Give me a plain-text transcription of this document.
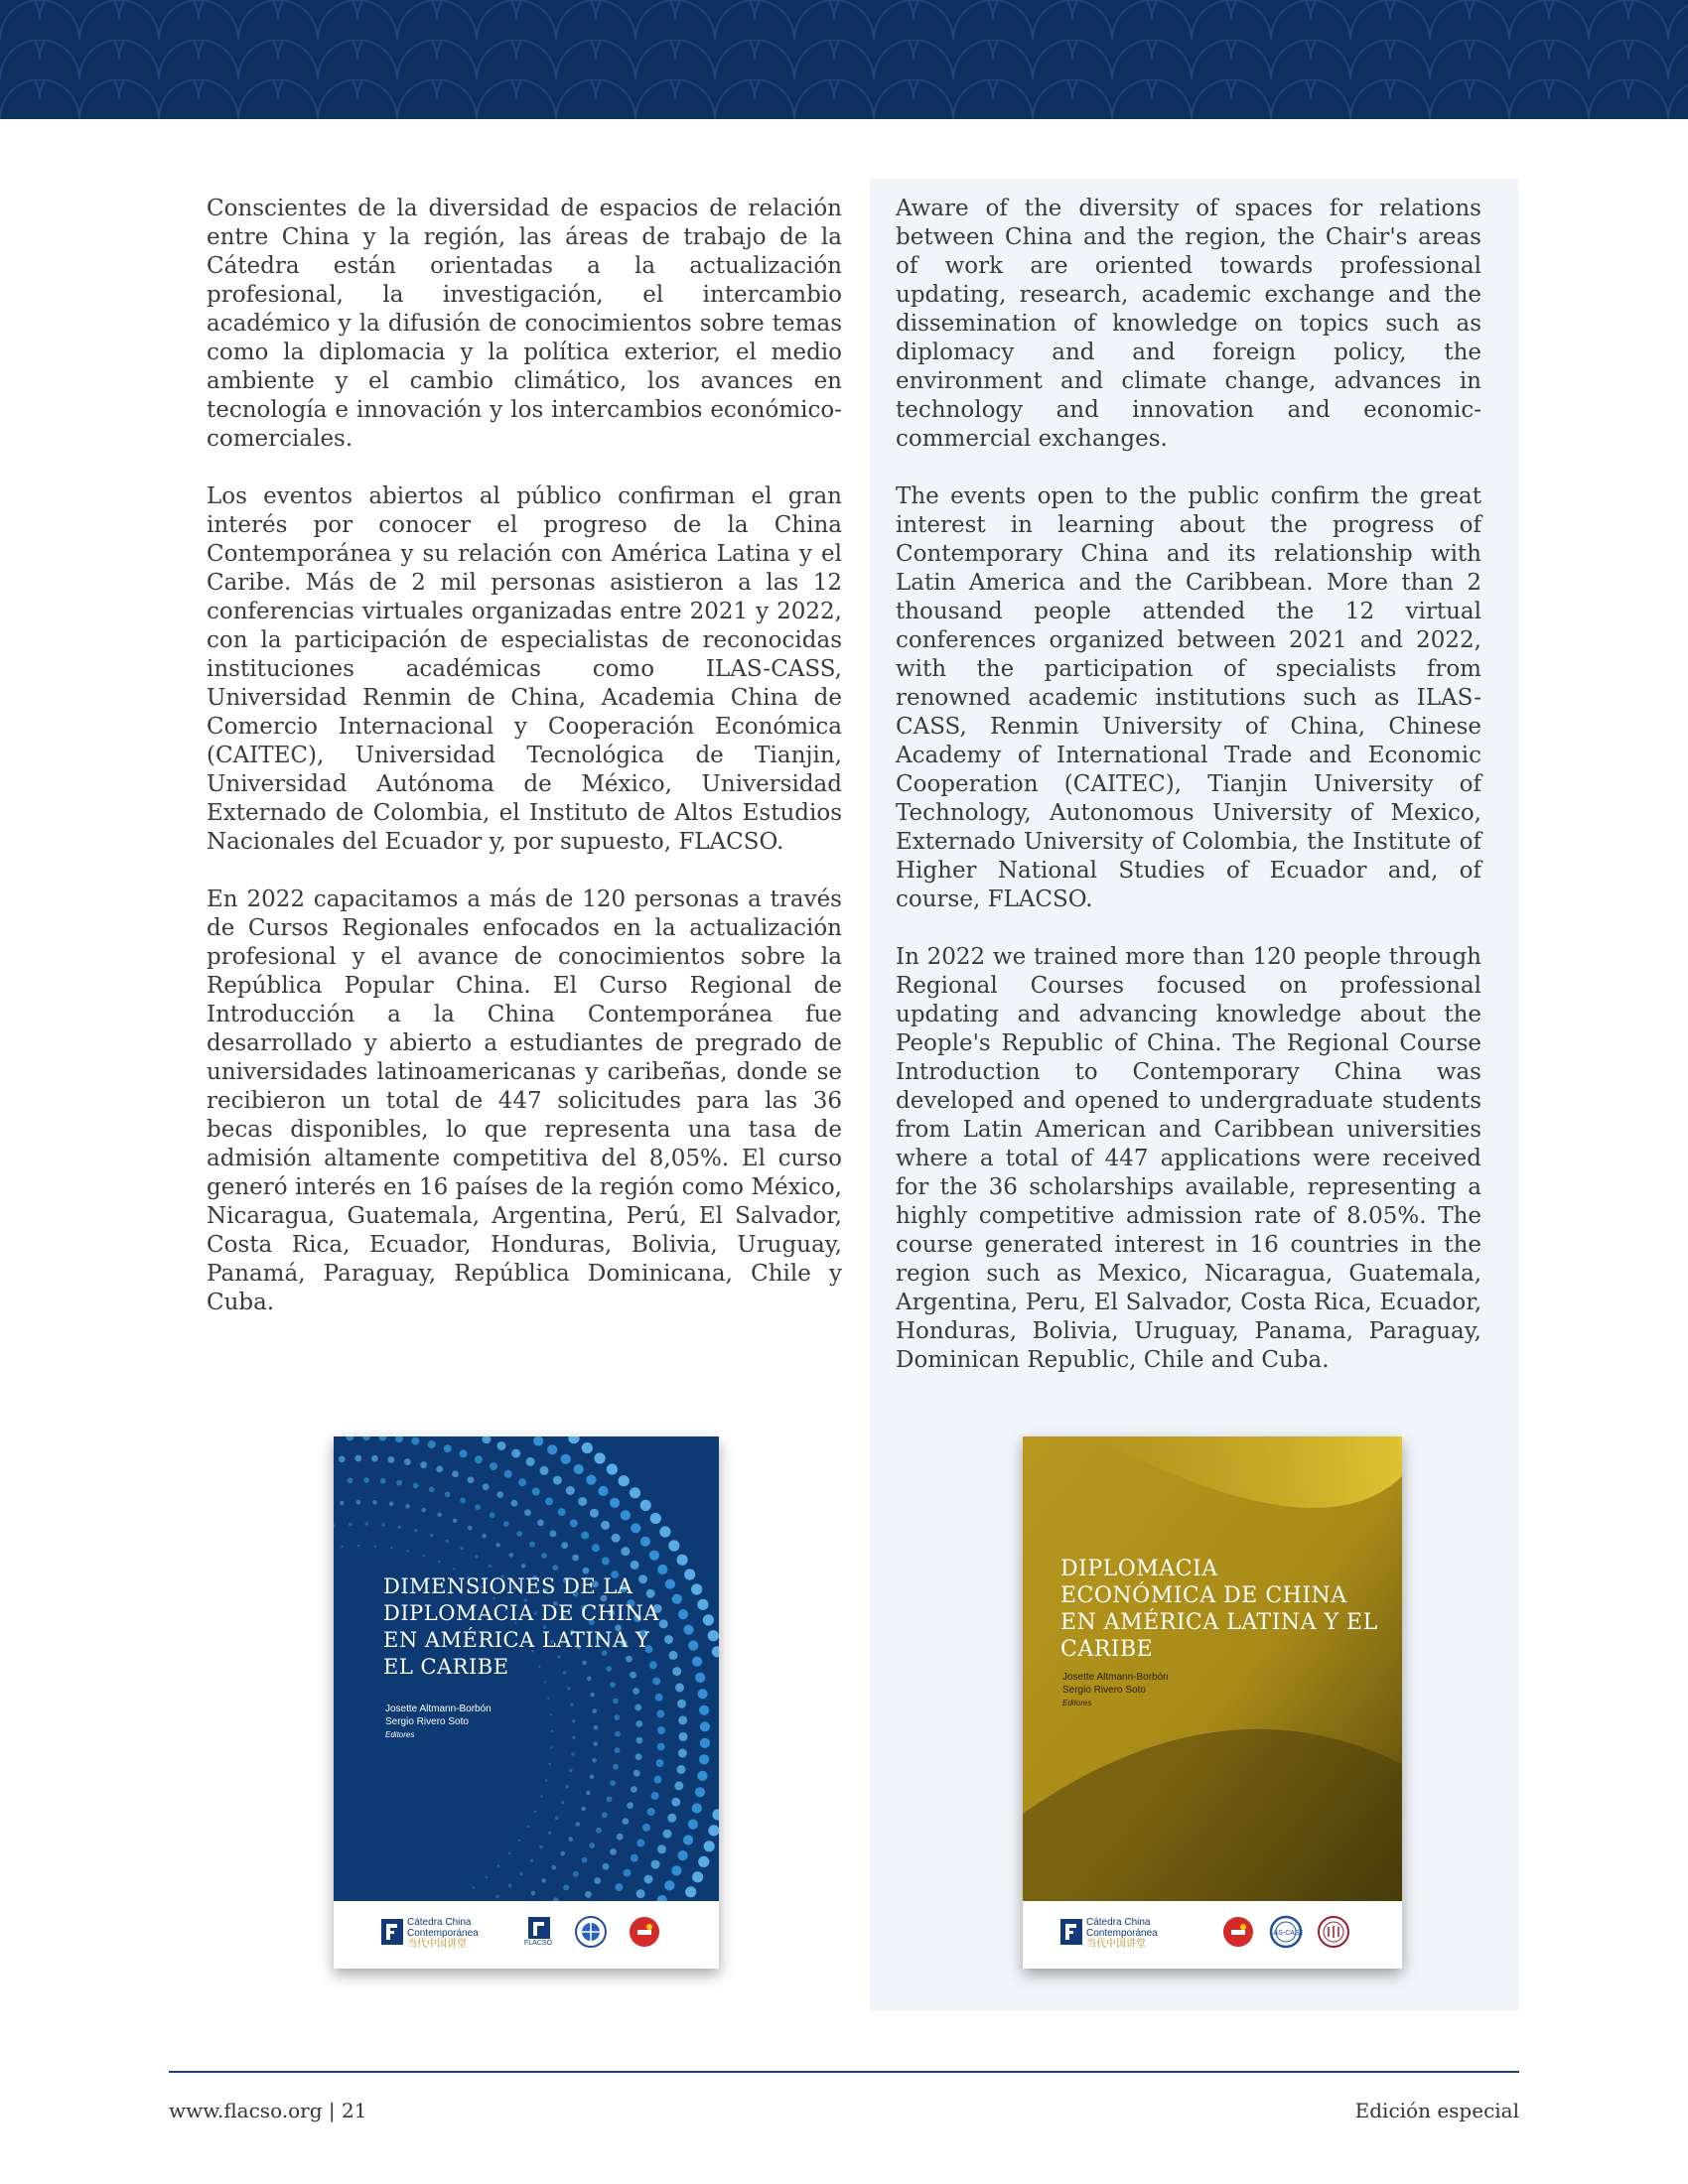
Conscientes de la diversidad de espacios de relación entre China y la región, las áreas de trabajo de la Cátedra están orientadas a la actualización profesional, la investigación, el intercambio académico y la difusión de conocimientos sobre temas como la diplomacia y la política exterior, el medio ambiente y el cambio climático, los avances en tecnología e innovación y los intercambios económico-comerciales.

Los eventos abiertos al público confirman el gran interés por conocer el progreso de la China Contemporánea y su relación con América Latina y el Caribe. Más de 2 mil personas asistieron a las 12 conferencias virtuales organizadas entre 2021 y 2022, con la participación de especialistas de reconocidas instituciones académicas como ILAS-CASS, Universidad Renmin de China, Academia China de Comercio Internacional y Cooperación Económica (CAITEC), Universidad Tecnológica de Tianjin, Universidad Autónoma de México, Universidad Externado de Colombia, el Instituto de Altos Estudios Nacionales del Ecuador y, por supuesto, FLACSO.

En 2022 capacitamos a más de 120 personas a través de Cursos Regionales enfocados en la actualización profesional y el avance de conocimientos sobre la República Popular China. El Curso Regional de Introducción a la China Contemporánea fue desarrollado y abierto a estudiantes de pregrado de universidades latinoamericanas y caribeñas, donde se recibieron un total de 447 solicitudes para las 36 becas disponibles, lo que representa una tasa de admisión altamente competitiva del 8,05%. El curso generó interés en 16 países de la región como México, Nicaragua, Guatemala, Argentina, Perú, El Salvador, Costa Rica, Ecuador, Honduras, Bolivia, Uruguay, Panamá, Paraguay, República Dominicana, Chile y Cuba.

Aware of the diversity of spaces for relations between China and the region, the Chair's areas of work are oriented towards professional updating, research, academic exchange and the dissemination of knowledge on topics such as diplomacy and and foreign policy, the environment and climate change, advances in technology and innovation and economic-commercial exchanges.

The events open to the public confirm the great interest in learning about the progress of Contemporary China and its relationship with Latin America and the Caribbean. More than 2 thousand people attended the 12 virtual conferences organized between 2021 and 2022, with the participation of specialists from renowned academic institutions such as ILAS-CASS, Renmin University of China, Chinese Academy of International Trade and Economic Cooperation (CAITEC), Tianjin University of Technology, Autonomous University of Mexico, Externado University of Colombia, the Institute of Higher National Studies of Ecuador and, of course, FLACSO.

In 2022 we trained more than 120 people through Regional Courses focused on professional updating and advancing knowledge about the People's Republic of China. The Regional Course Introduction to Contemporary China was developed and opened to undergraduate students from Latin American and Caribbean universities where a total of 447 applications were received for the 36 scholarships available, representing a highly competitive admission rate of 8.05%. The course generated interest in 16 countries in the region such as Mexico, Nicaragua, Guatemala, Argentina, Peru, El Salvador, Costa Rica, Ecuador, Honduras, Bolivia, Uruguay, Panama, Paraguay, Dominican Republic, Chile and Cuba.

DIMENSIONES DE LA DIPLOMACIA DE CHINA EN AMÉRICA LATINA Y EL CARIBE
Josette Altmann-Borbón
Sergio Rivero Soto
Editores
Cátedra China
Contemporánea
当代中国讲堂	FLACSO
DIPLOMACIA ECONÓMICA DE CHINA EN AMÉRICA LATINA Y EL CARIBE
Josette Altmann-Borbón
Sergio Rivero Soto
Editores
Cátedra China
Contemporánea
当代中国讲堂
ILAS-CASS
www.flacso.org | 21	Edición especial
